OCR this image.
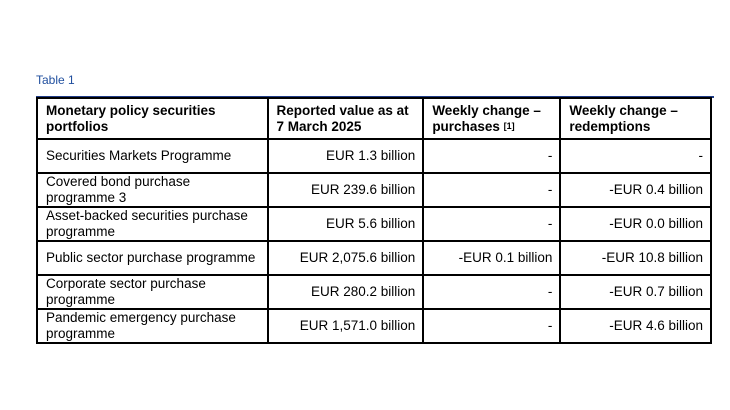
Table 1
Monetary policy securities portfolios	Reported value as at 7 March 2025	Weekly change – purchases [1]	Weekly change – redemptions
Securities Markets Programme	EUR 1.3 billion	-	-
Covered bond purchase programme 3	EUR 239.6 billion	-	-EUR 0.4 billion
Asset-backed securities purchase programme	EUR 5.6 billion	-	-EUR 0.0 billion
Public sector purchase programme	EUR 2,075.6 billion	-EUR 0.1 billion	-EUR 10.8 billion
Corporate sector purchase programme	EUR 280.2 billion	-	-EUR 0.7 billion
Pandemic emergency purchase programme	EUR 1,571.0 billion	-	-EUR 4.6 billion
